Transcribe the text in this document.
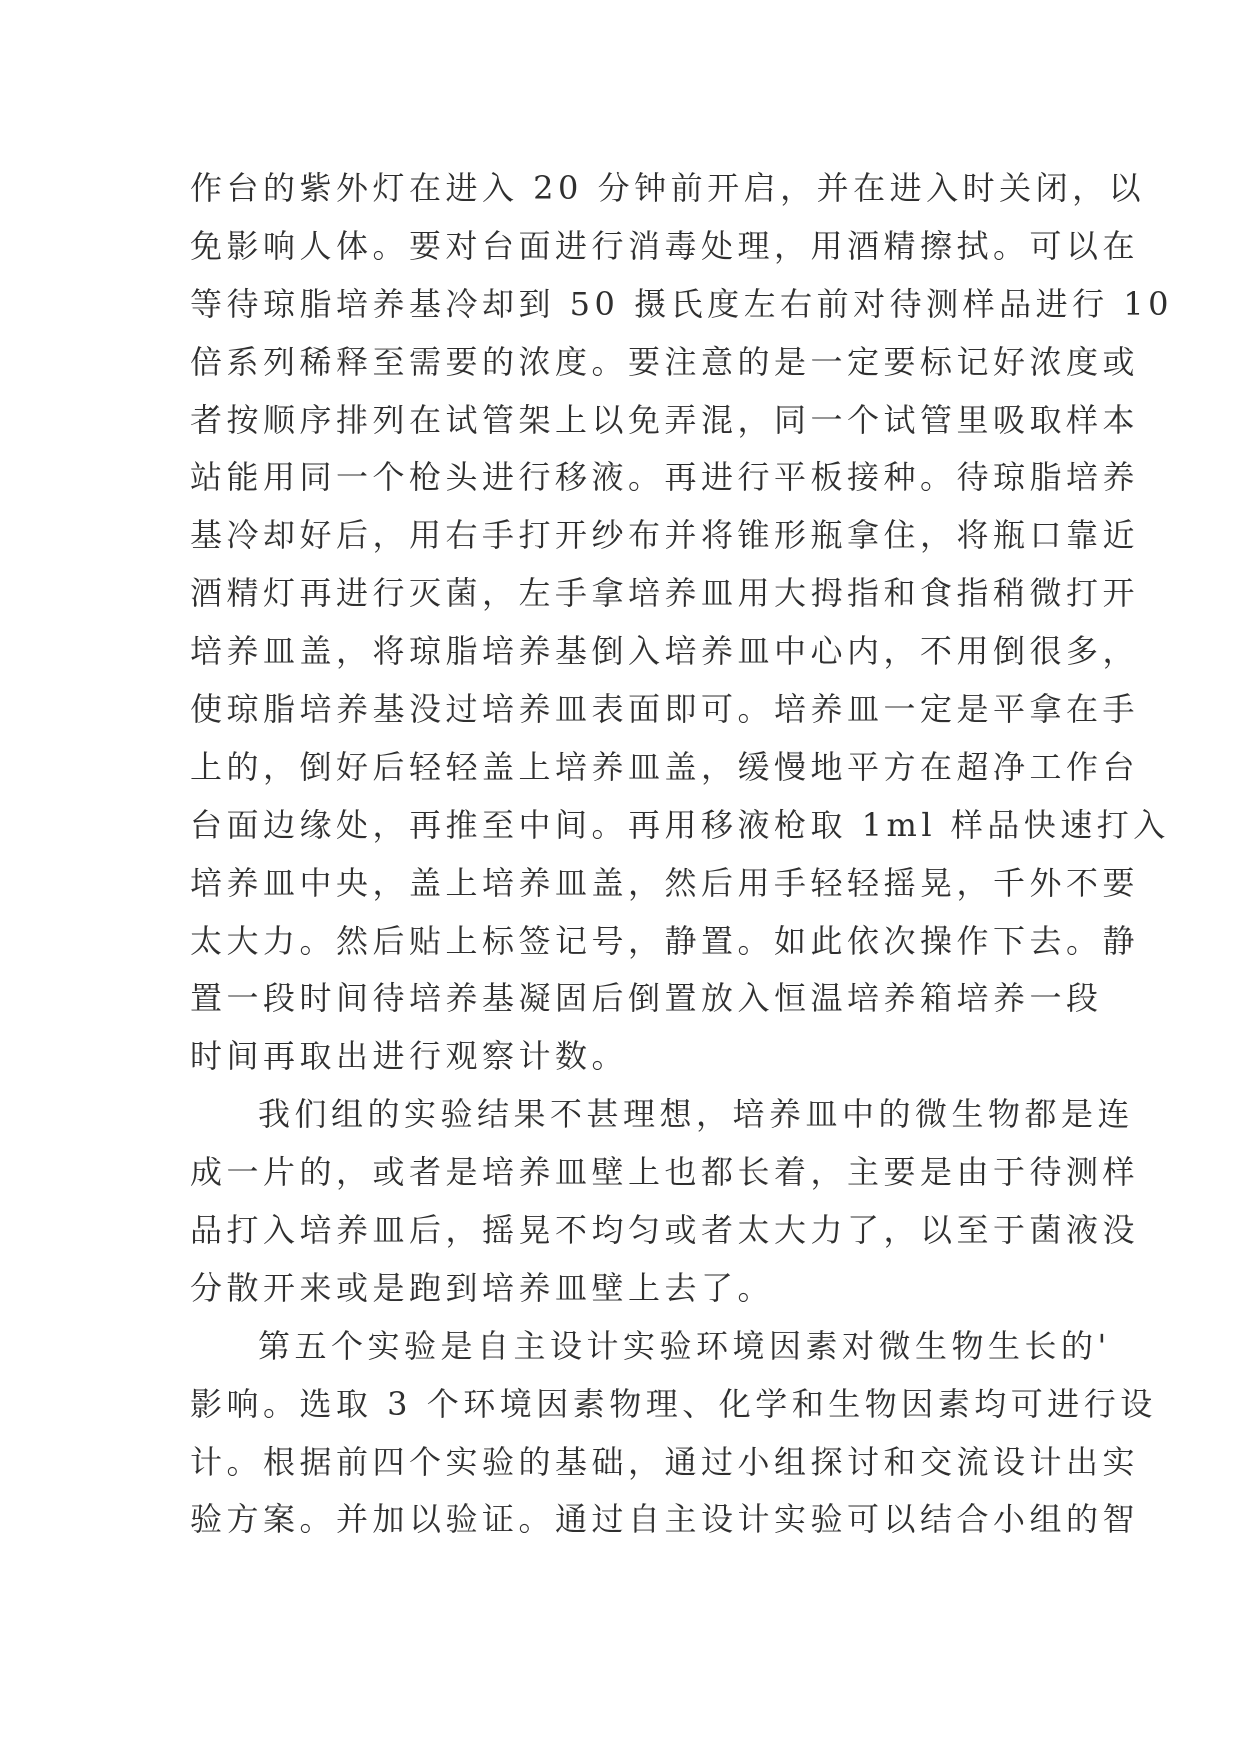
作台的紫外灯在进入 20 分钟前开启，并在进入时关闭，以
免影响人体。要对台面进行消毒处理，用酒精擦拭。可以在
等待琼脂培养基冷却到 50 摄氏度左右前对待测样品进行 10
倍系列稀释至需要的浓度。要注意的是一定要标记好浓度或
者按顺序排列在试管架上以免弄混，同一个试管里吸取样本
站能用同一个枪头进行移液。再进行平板接种。待琼脂培养
基冷却好后，用右手打开纱布并将锥形瓶拿住，将瓶口靠近
酒精灯再进行灭菌，左手拿培养皿用大拇指和食指稍微打开
培养皿盖，将琼脂培养基倒入培养皿中心内，不用倒很多，
使琼脂培养基没过培养皿表面即可。培养皿一定是平拿在手
上的，倒好后轻轻盖上培养皿盖，缓慢地平方在超净工作台
台面边缘处，再推至中间。再用移液枪取 1ml 样品快速打入
培养皿中央，盖上培养皿盖，然后用手轻轻摇晃，千外不要
太大力。然后贴上标签记号，静置。如此依次操作下去。静
置一段时间待培养基凝固后倒置放入恒温培养箱培养一段
时间再取出进行观察计数。
我们组的实验结果不甚理想，培养皿中的微生物都是连
成一片的，或者是培养皿壁上也都长着，主要是由于待测样
品打入培养皿后，摇晃不均匀或者太大力了，以至于菌液没
分散开来或是跑到培养皿壁上去了。
第五个实验是自主设计实验环境因素对微生物生长的'
影响。选取 3 个环境因素物理、化学和生物因素均可进行设
计。根据前四个实验的基础，通过小组探讨和交流设计出实
验方案。并加以验证。通过自主设计实验可以结合小组的智
